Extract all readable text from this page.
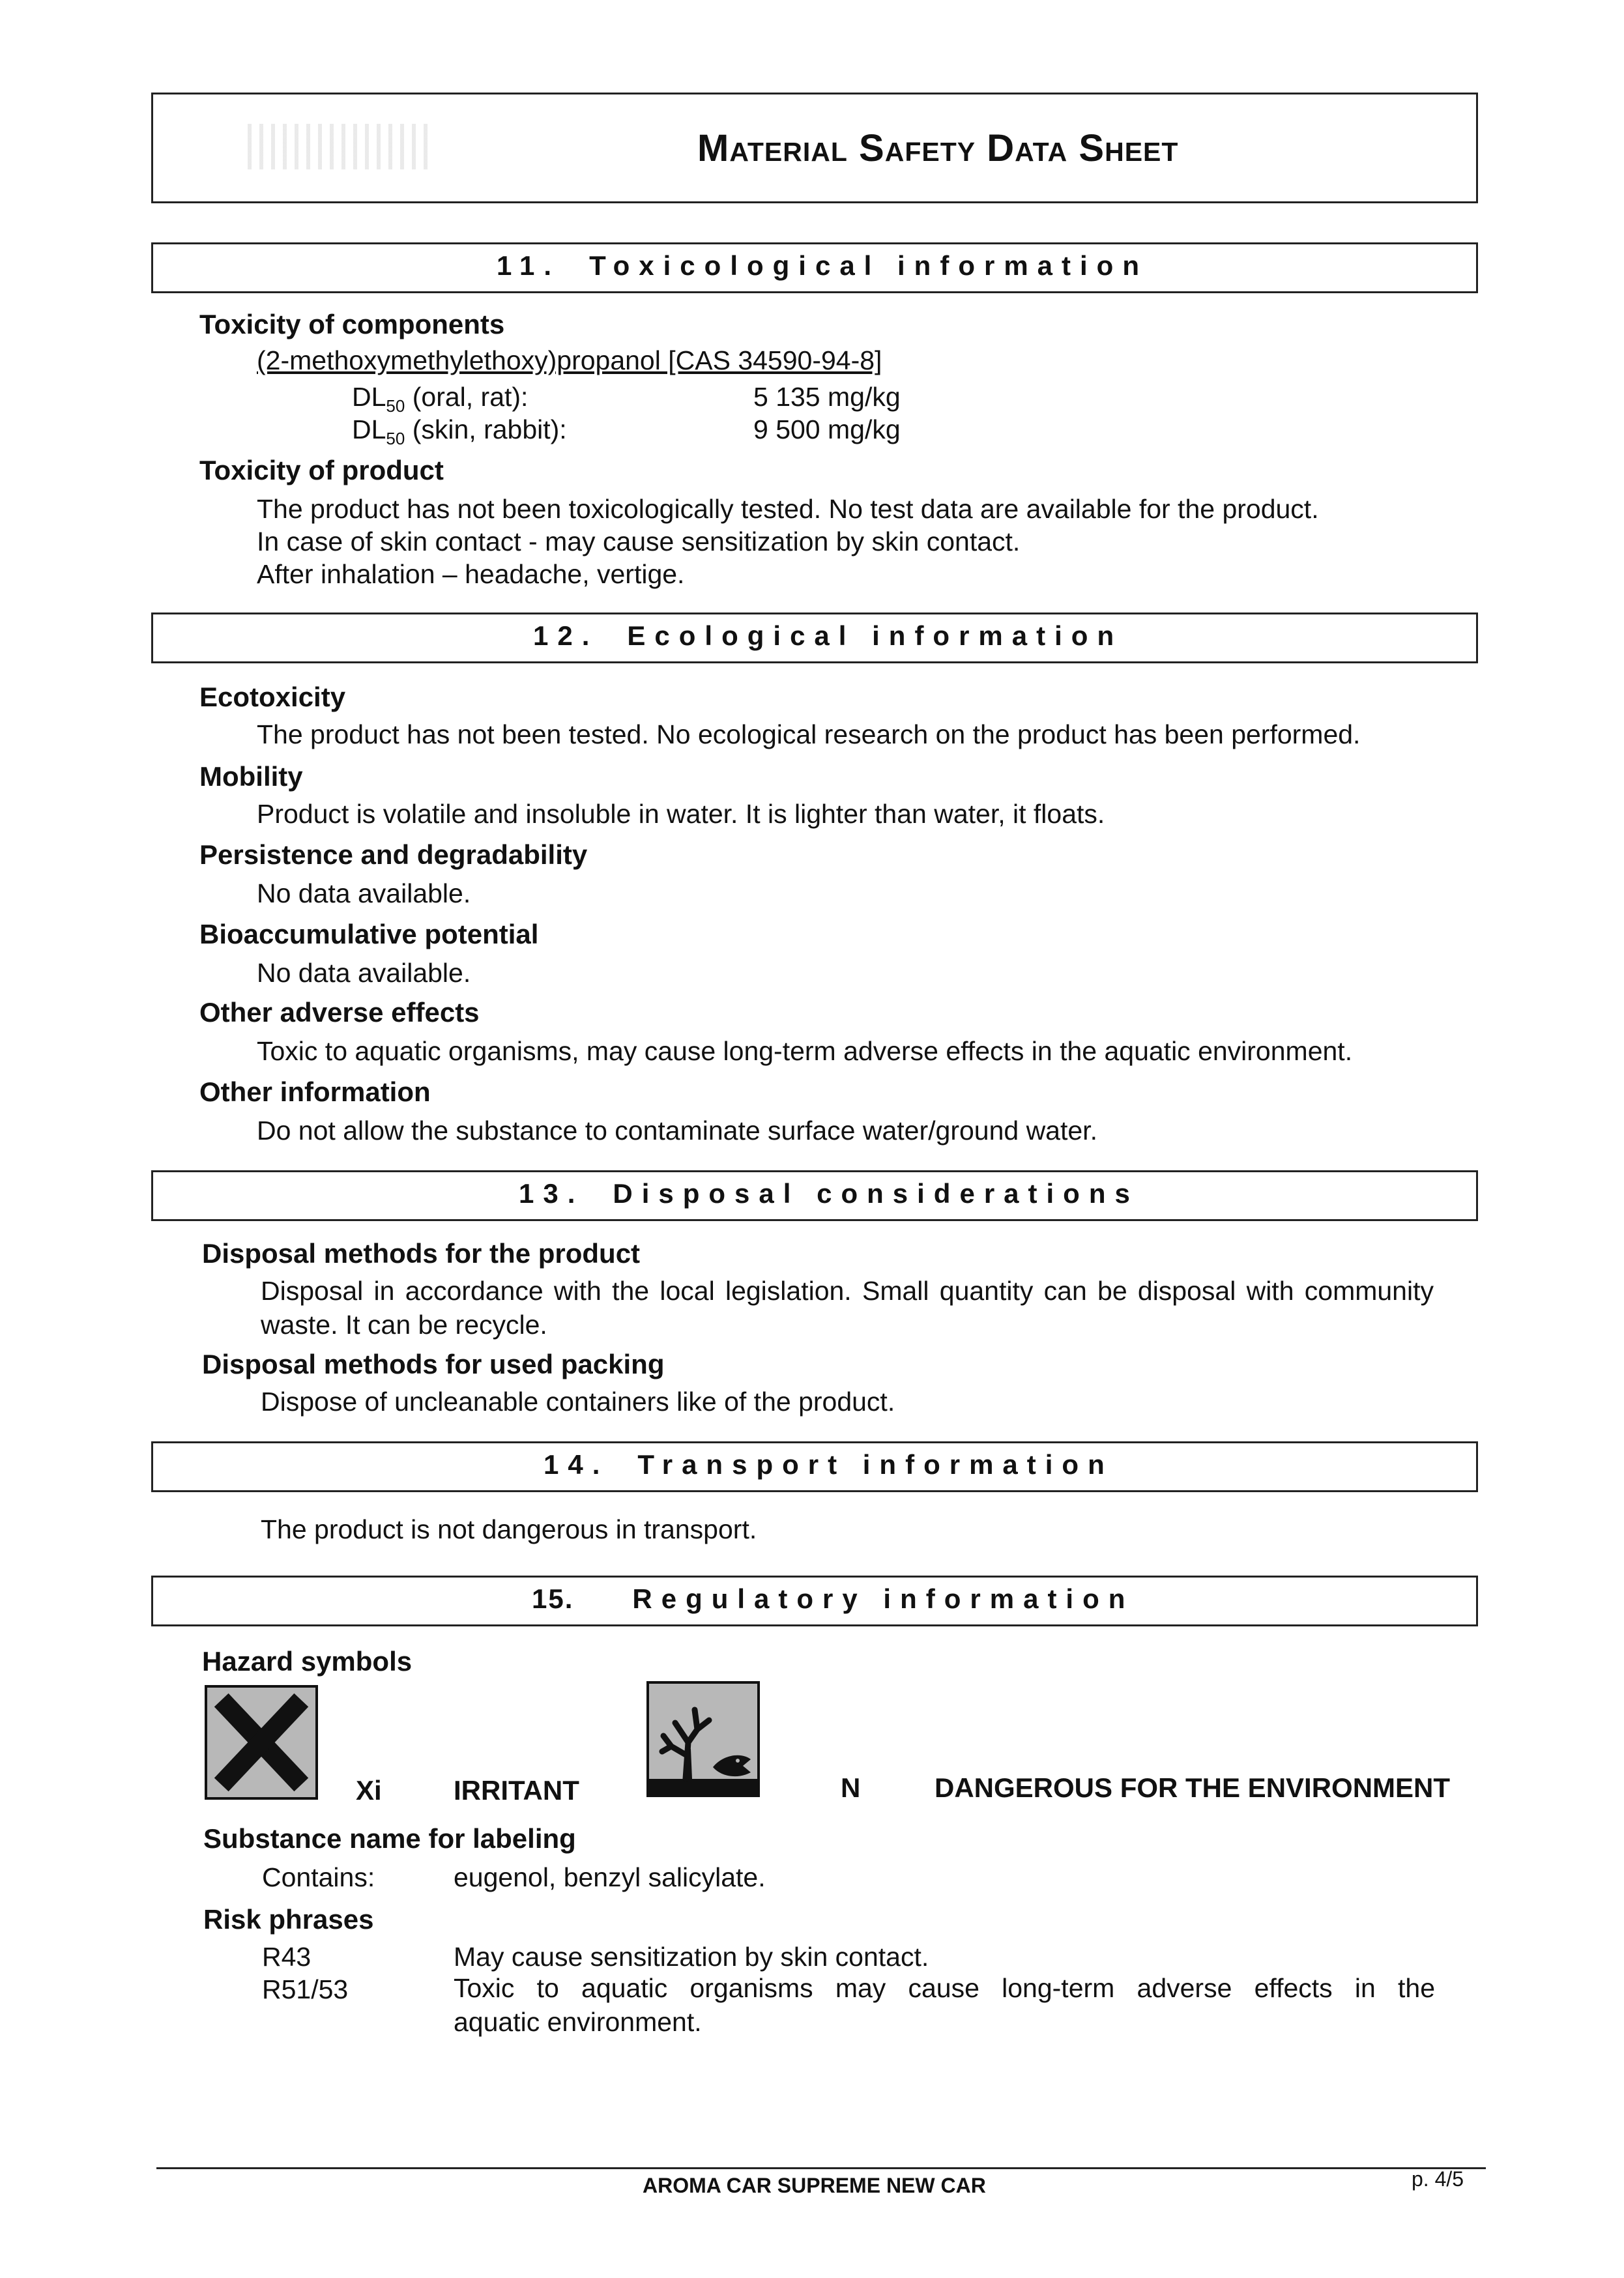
Material Safety Data Sheet
11. Toxicological information
Toxicity of components
(2-methoxymethylethoxy)propanol [CAS 34590-94-8]
$DL_{50}$ (oral, rat):	5 135 mg/kg
$DL_{50}$ (skin, rabbit):	9 500 mg/kg
Toxicity of product
The product has not been toxicologically tested. No test data are available for the product.
In case of skin contact - may cause sensitization by skin contact.
After inhalation – headache, vertige.
12. Ecological information
Ecotoxicity
The product has not been tested. No ecological research on the product has been performed.
Mobility
Product is volatile and insoluble in water. It is lighter than water, it floats.
Persistence and degradability
No data available.
Bioaccumulative potential
No data available.
Other adverse effects
Toxic to aquatic organisms, may cause long-term adverse effects in the aquatic environment.
Other information
Do not allow the substance to contaminate surface water/ground water.
13. Disposal considerations
Disposal methods for the product
Disposal in accordance with the local legislation. Small quantity can be disposal with community
waste. It can be recycle.
Disposal methods for used packing
Dispose of uncleanable containers like of the product.
14. Transport information
The product is not dangerous in transport.
15. Regulatory information
Hazard symbols
Xi	IRRITANT	N	DANGEROUS FOR THE ENVIRONMENT
Substance name for labeling
Contains:	eugenol, benzyl salicylate.
Risk phrases
R43	May cause sensitization by skin contact.
R51/53	Toxic to aquatic organisms may cause long-term adverse effects in the
aquatic environment.
AROMA CAR SUPREME NEW CAR	p. 4/5
